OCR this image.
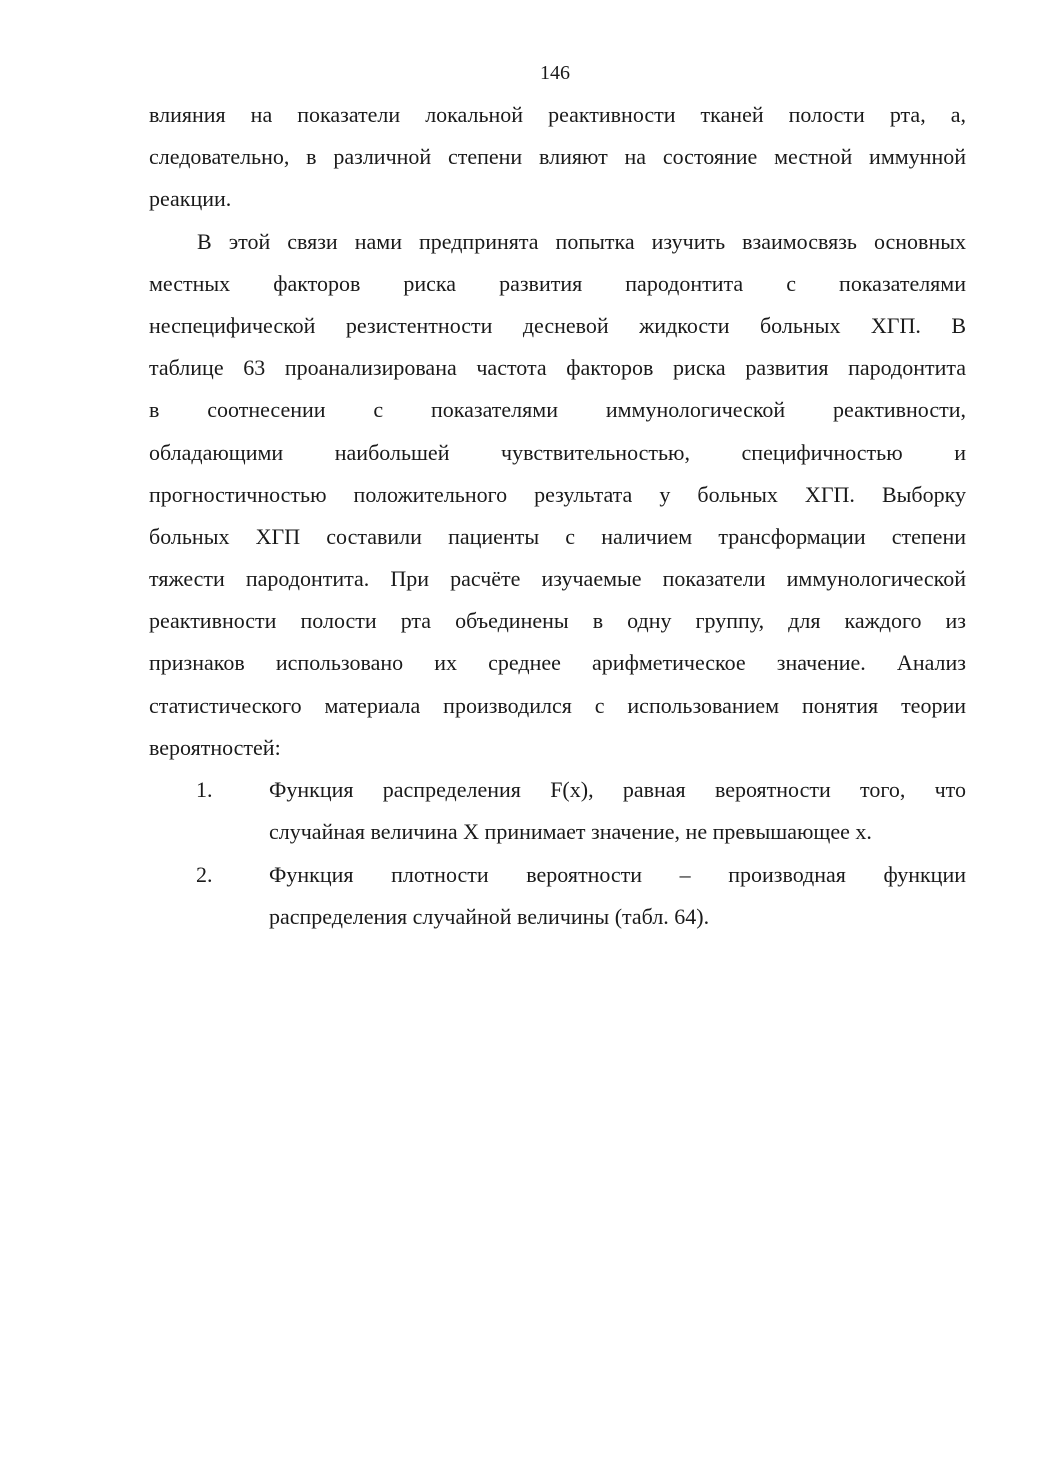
146
влияния на показатели локальной реактивности тканей полости рта, а,
следовательно, в различной степени влияют на состояние местной иммунной
реакции.
В этой связи нами предпринята попытка изучить взаимосвязь основных
местных факторов риска развития пародонтита с показателями
неспецифической резистентности десневой жидкости больных ХГП. В
таблице 63 проанализирована частота факторов риска развития пародонтита
в соотнесении с показателями иммунологической реактивности,
обладающими наибольшей чувствительностью, специфичностью и
прогностичностью положительного результата у больных ХГП. Выборку
больных ХГП составили пациенты с наличием трансформации степени
тяжести пародонтита. При расчёте изучаемые показатели иммунологической
реактивности полости рта объединены в одну группу, для каждого из
признаков использовано их среднее арифметическое значение. Анализ
статистического материала производился с использованием понятия теории
вероятностей:
1.	Функция распределения F(x), равная вероятности того, что
случайная величина X принимает значение, не превышающее x.
2.	Функция плотности вероятности – производная функции
распределения случайной величины (табл. 64).
